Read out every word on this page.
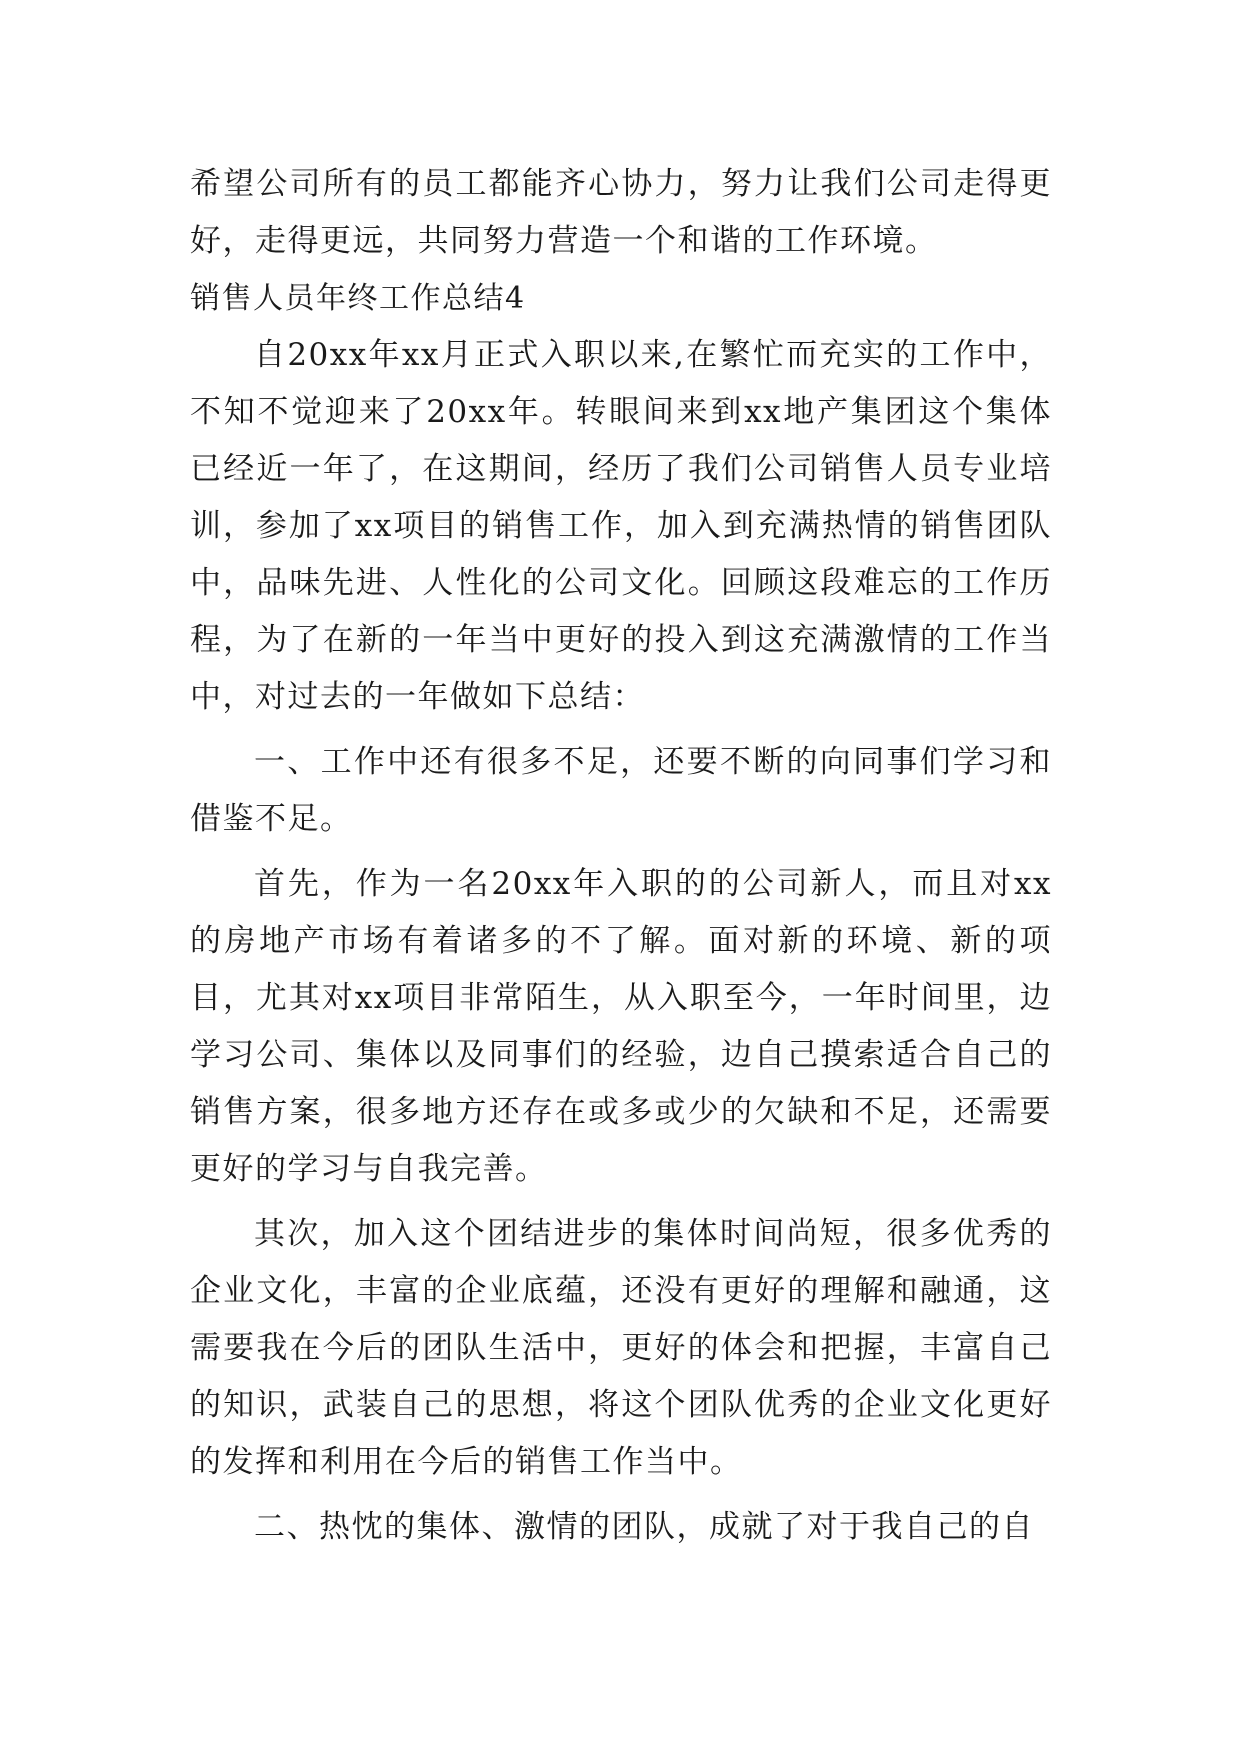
希望公司所有的员工都能齐心协力，努力让我们公司走得更好，走得更远，共同努力营造一个和谐的工作环境。

销售人员年终工作总结4

自20xx年xx月正式入职以来,在繁忙而充实的工作中，不知不觉迎来了20xx年。转眼间来到xx地产集团这个集体已经近一年了，在这期间，经历了我们公司销售人员专业培训，参加了xx项目的销售工作，加入到充满热情的销售团队中，品味先进、人性化的公司文化。回顾这段难忘的工作历程，为了在新的一年当中更好的投入到这充满激情的工作当中，对过去的一年做如下总结：

一、工作中还有很多不足，还要不断的向同事们学习和借鉴不足。

首先，作为一名20xx年入职的的公司新人，而且对xx的房地产市场有着诸多的不了解。面对新的环境、新的项目，尤其对xx项目非常陌生，从入职至今，一年时间里，边学习公司、集体以及同事们的经验，边自己摸索适合自己的销售方案，很多地方还存在或多或少的欠缺和不足，还需要更好的学习与自我完善。

其次，加入这个团结进步的集体时间尚短，很多优秀的企业文化，丰富的企业底蕴，还没有更好的理解和融通，这需要我在今后的团队生活中，更好的体会和把握，丰富自己的知识，武装自己的思想，将这个团队优秀的企业文化更好的发挥和利用在今后的销售工作当中。

二、热忱的集体、激情的团队，成就了对于我自己的自
